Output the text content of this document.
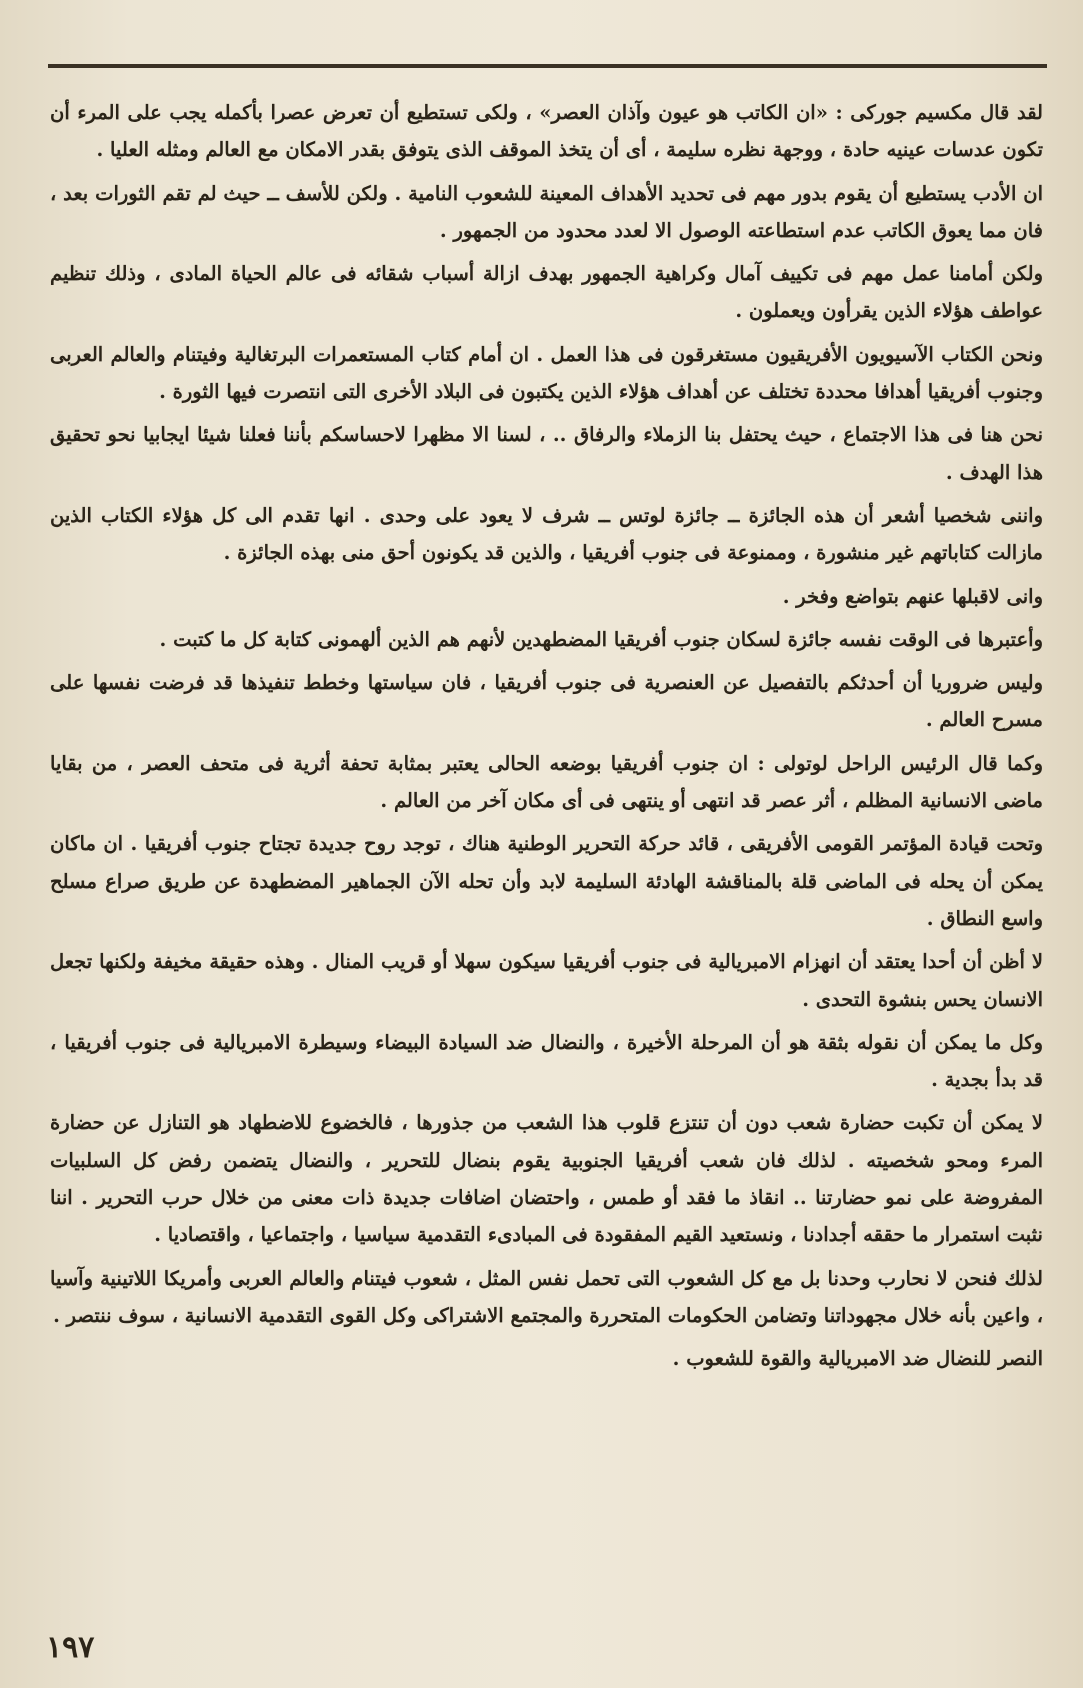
لقد قال مكسيم جوركى : «ان الكاتب هو عيون وآذان العصر» ، ولكى تستطيع أن تعرض عصرا بأكمله يجب على المرء أن تكون عدسات عينيه حادة ، ووجهة نظره سليمة ، أى أن يتخذ الموقف الذى يتوفق بقدر الامكان مع العالم ومثله العليا .

ان الأدب يستطيع أن يقوم بدور مهم فى تحديد الأهداف المعينة للشعوب النامية . ولكن للأسف ــ حيث لم تقم الثورات بعد ، فان مما يعوق الكاتب عدم استطاعته الوصول الا لعدد محدود من الجمهور .

ولكن أمامنا عمل مهم فى تكييف آمال وكراهية الجمهور بهدف ازالة أسباب شقائه فى عالم الحياة المادى ، وذلك تنظيم عواطف هؤلاء الذين يقرأون ويعملون .

ونحن الكتاب الآسيويون الأفريقيون مستغرقون فى هذا العمل . ان أمام كتاب المستعمرات البرتغالية وفيتنام والعالم العربى وجنوب أفريقيا أهدافا محددة تختلف عن أهداف هؤلاء الذين يكتبون فى البلاد الأخرى التى انتصرت فيها الثورة .

نحن هنا فى هذا الاجتماع ، حيث يحتفل بنا الزملاء والرفاق .. ، لسنا الا مظهرا لاحساسكم بأننا فعلنا شيئا ايجابيا نحو تحقيق هذا الهدف .

واننى شخصيا أشعر أن هذه الجائزة ــ جائزة لوتس ــ شرف لا يعود على وحدى . انها تقدم الى كل هؤلاء الكتاب الذين مازالت كتاباتهم غير منشورة ، وممنوعة فى جنوب أفريقيا ، والذين قد يكونون أحق منى بهذه الجائزة .

وانى لاقبلها عنهم بتواضع وفخر .

وأعتبرها فى الوقت نفسه جائزة لسكان جنوب أفريقيا المضطهدين لأنهم هم الذين ألهمونى كتابة كل ما كتبت .

وليس ضروريا أن أحدثكم بالتفصيل عن العنصرية فى جنوب أفريقيا ، فان سياستها وخطط تنفيذها قد فرضت نفسها على مسرح العالم .

وكما قال الرئيس الراحل لوتولى : ان جنوب أفريقيا بوضعه الحالى يعتبر بمثابة تحفة أثرية فى متحف العصر ، من بقايا ماضى الانسانية المظلم ، أثر عصر قد انتهى أو ينتهى فى أى مكان آخر من العالم .

وتحت قيادة المؤتمر القومى الأفريقى ، قائد حركة التحرير الوطنية هناك ، توجد روح جديدة تجتاح جنوب أفريقيا . ان ماكان يمكن أن يحله فى الماضى قلة بالمناقشة الهادئة السليمة لابد وأن تحله الآن الجماهير المضطهدة عن طريق صراع مسلح واسع النطاق .

لا أظن أن أحدا يعتقد أن انهزام الامبريالية فى جنوب أفريقيا سيكون سهلا أو قريب المنال . وهذه حقيقة مخيفة ولكنها تجعل الانسان يحس بنشوة التحدى .

وكل ما يمكن أن نقوله بثقة هو أن المرحلة الأخيرة ، والنضال ضد السيادة البيضاء وسيطرة الامبريالية فى جنوب أفريقيا ، قد بدأ بجدية .

لا يمكن أن تكبت حضارة شعب دون أن تنتزع قلوب هذا الشعب من جذورها ، فالخضوع للاضطهاد هو التنازل عن حضارة المرء ومحو شخصيته . لذلك فان شعب أفريقيا الجنوبية يقوم بنضال للتحرير ، والنضال يتضمن رفض كل السلبيات المفروضة على نمو حضارتنا .. انقاذ ما فقد أو طمس ، واحتضان اضافات جديدة ذات معنى من خلال حرب التحرير . اننا نثبت استمرار ما حققه أجدادنا ، ونستعيد القيم المفقودة فى المبادىء التقدمية سياسيا ، واجتماعيا ، واقتصاديا .

لذلك فنحن لا نحارب وحدنا بل مع كل الشعوب التى تحمل نفس المثل ، شعوب فيتنام والعالم العربى وأمريكا اللاتينية وآسيا ، واعين بأنه خلال مجهوداتنا وتضامن الحكومات المتحررة والمجتمع الاشتراكى وكل القوى التقدمية الانسانية ، سوف ننتصر .

النصر للنضال ضد الامبريالية والقوة للشعوب .

١٩٧
